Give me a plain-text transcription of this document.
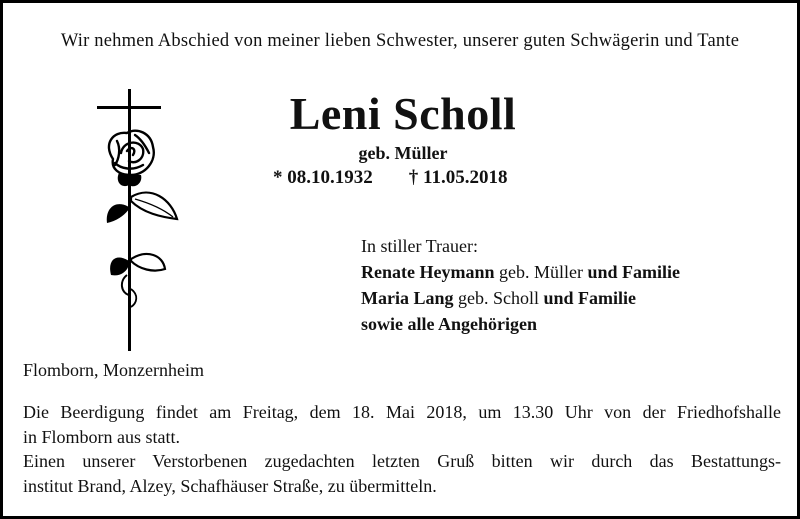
Wir nehmen Abschied von meiner lieben Schwester, unserer guten Schwägerin und Tante
Leni Scholl
geb. Müller
* 08.10.1932 † 11.05.2018
In stiller Trauer:
Renate Heymann geb. Müller und Familie
Maria Lang geb. Scholl und Familie
sowie alle Angehörigen
Flomborn, Monzernheim
Die Beerdigung findet am Freitag, dem 18. Mai 2018, um 13.30 Uhr von der Friedhofshalle
in Flomborn aus statt.
Einen unserer Verstorbenen zugedachten letzten Gruß bitten wir durch das Bestattungs-
institut Brand, Alzey, Schafhäuser Straße, zu übermitteln.
